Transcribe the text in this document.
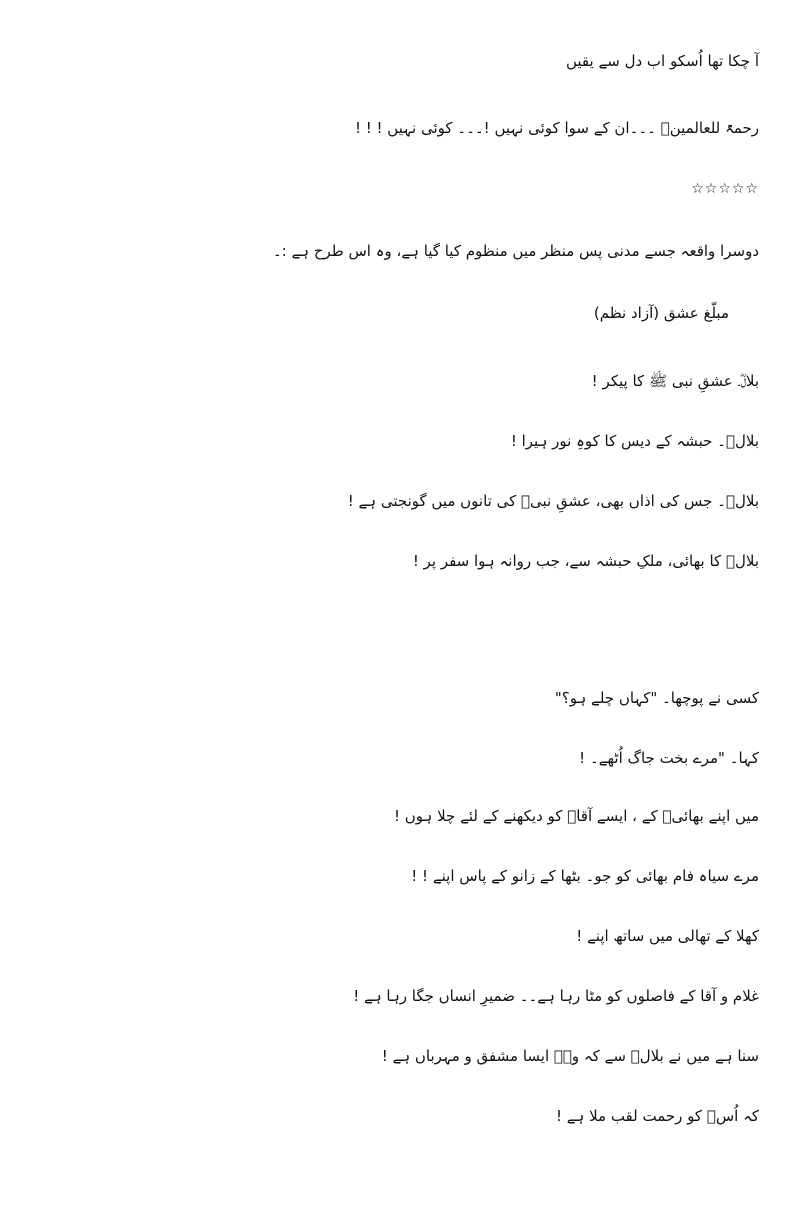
آ چکا تھا اُسکو اب دل سے یقیں
رحمۃً للعالمینؐ ۔۔۔ان کے سوا کوئی نہیں !۔۔۔ کوئی نہیں ! ! !
☆☆☆☆☆
دوسرا واقعہ جسے مدنی پس منظر میں منظوم کیا گیا ہے، وہ اس طرح ہے :۔
مبلّغ عشق (آزاد نظم)
بلالؓ۔ عشقِ نبی ﷺ کا پیکر !
بلالؓ۔ حبشہ کے دیس کا کوہِ نور ہیرا !
بلالؓ۔ جس کی اذاں بھی، عشقِ نبیؐ کی تانوں میں گونجتی ہے !
بلالؓ کا بھائی، ملکِ حبشہ سے، جب روانہ ہوا سفر پر !
کسی نے پوچھا۔ "کہاں چلے ہو؟"
کہا۔ "مرے بخت جاگ اُٹھے۔ !
میں اپنے بھائیؓ کے ، ایسے آقاؐ کو دیکھنے کے لئے چلا ہوں !
مرے سیاہ فام بھائی کو جو۔ بٹھا کے زانو کے پاس اپنے ! !
کھلا کے تھالی میں ساتھ اپنے !
غلام و آقا کے فاصلوں کو مٹا رہا ہے۔۔ ضمیرِ انساں جگا رہا ہے !
سنا ہے میں نے بلالؓ سے کہ وہؐ ایسا مشفق و مہرباں ہے !
کہ اُسؐ کو رحمت لقب ملا ہے !
